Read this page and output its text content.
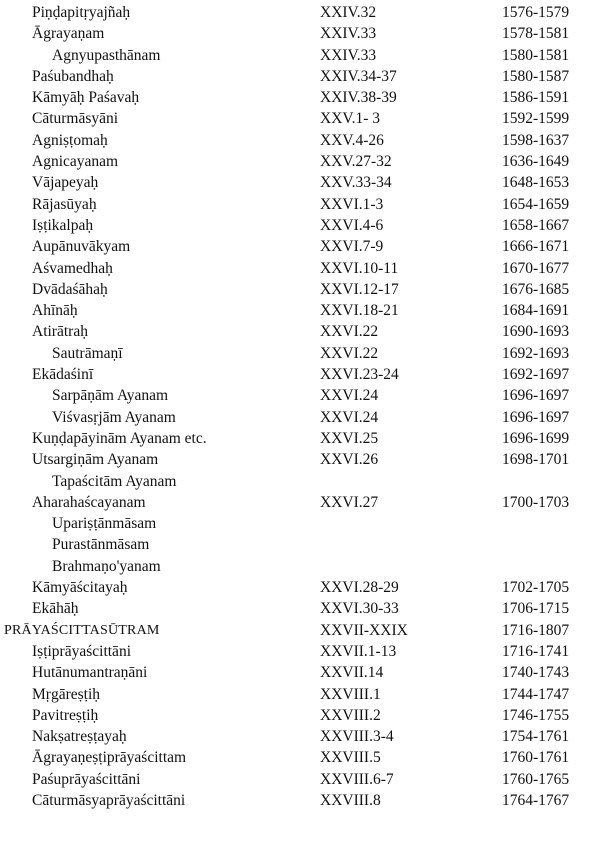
Piṇḍapitṛyajñaḥ	XXIV.32	1576-1579
Āgrayaṇam	XXIV.33	1578-1581
Agnyupasthānam	XXIV.33	1580-1581
Paśubandhaḥ	XXIV.34-37	1580-1587
Kāmyāḥ Paśavaḥ	XXIV.38-39	1586-1591
Cāturmāsyāni	XXV.1- 3	1592-1599
Agniṣṭomaḥ	XXV.4-26	1598-1637
Agnicayanam	XXV.27-32	1636-1649
Vājapeyaḥ	XXV.33-34	1648-1653
Rājasūyaḥ	XXVI.1-3	1654-1659
Iṣṭikalpaḥ	XXVI.4-6	1658-1667
Aupānuvākyam	XXVI.7-9	1666-1671
Aśvamedhaḥ	XXVI.10-11	1670-1677
Dvādaśāhaḥ	XXVI.12-17	1676-1685
Ahīnāḥ	XXVI.18-21	1684-1691
Atirātraḥ	XXVI.22	1690-1693
Sautrāmaṇī	XXVI.22	1692-1693
Ekādaśinī	XXVI.23-24	1692-1697
Sarpāṇām Ayanam	XXVI.24	1696-1697
Viśvasṛjām Ayanam	XXVI.24	1696-1697
Kuṇḍapāyinām Ayanam etc.	XXVI.25	1696-1699
Utsargiṇām Ayanam	XXVI.26	1698-1701
Tapaścitām Ayanam
Aharahaścayanam	XXVI.27	1700-1703
Upariṣṭānmāsam
Purastānmāsam
Brahmaṇo'yanam
Kāmyāścitayaḥ	XXVI.28-29	1702-1705
Ekāhāḥ	XXVI.30-33	1706-1715
PRĀYAŚCITTASŪTRAM	XXVII-XXIX	1716-1807
Iṣṭiprāyaścittāni	XXVII.1-13	1716-1741
Hutānumantraṇāni	XXVII.14	1740-1743
Mṛgāreṣṭiḥ	XXVIII.1	1744-1747
Pavitreṣṭiḥ	XXVIII.2	1746-1755
Nakṣatreṣṭayaḥ	XXVIII.3-4	1754-1761
Āgrayaṇeṣṭiprāyaścittam	XXVIII.5	1760-1761
Paśuprāyaścittāni	XXVIII.6-7	1760-1765
Cāturmāsyaprāyaścittāni	XXVIII.8	1764-1767
